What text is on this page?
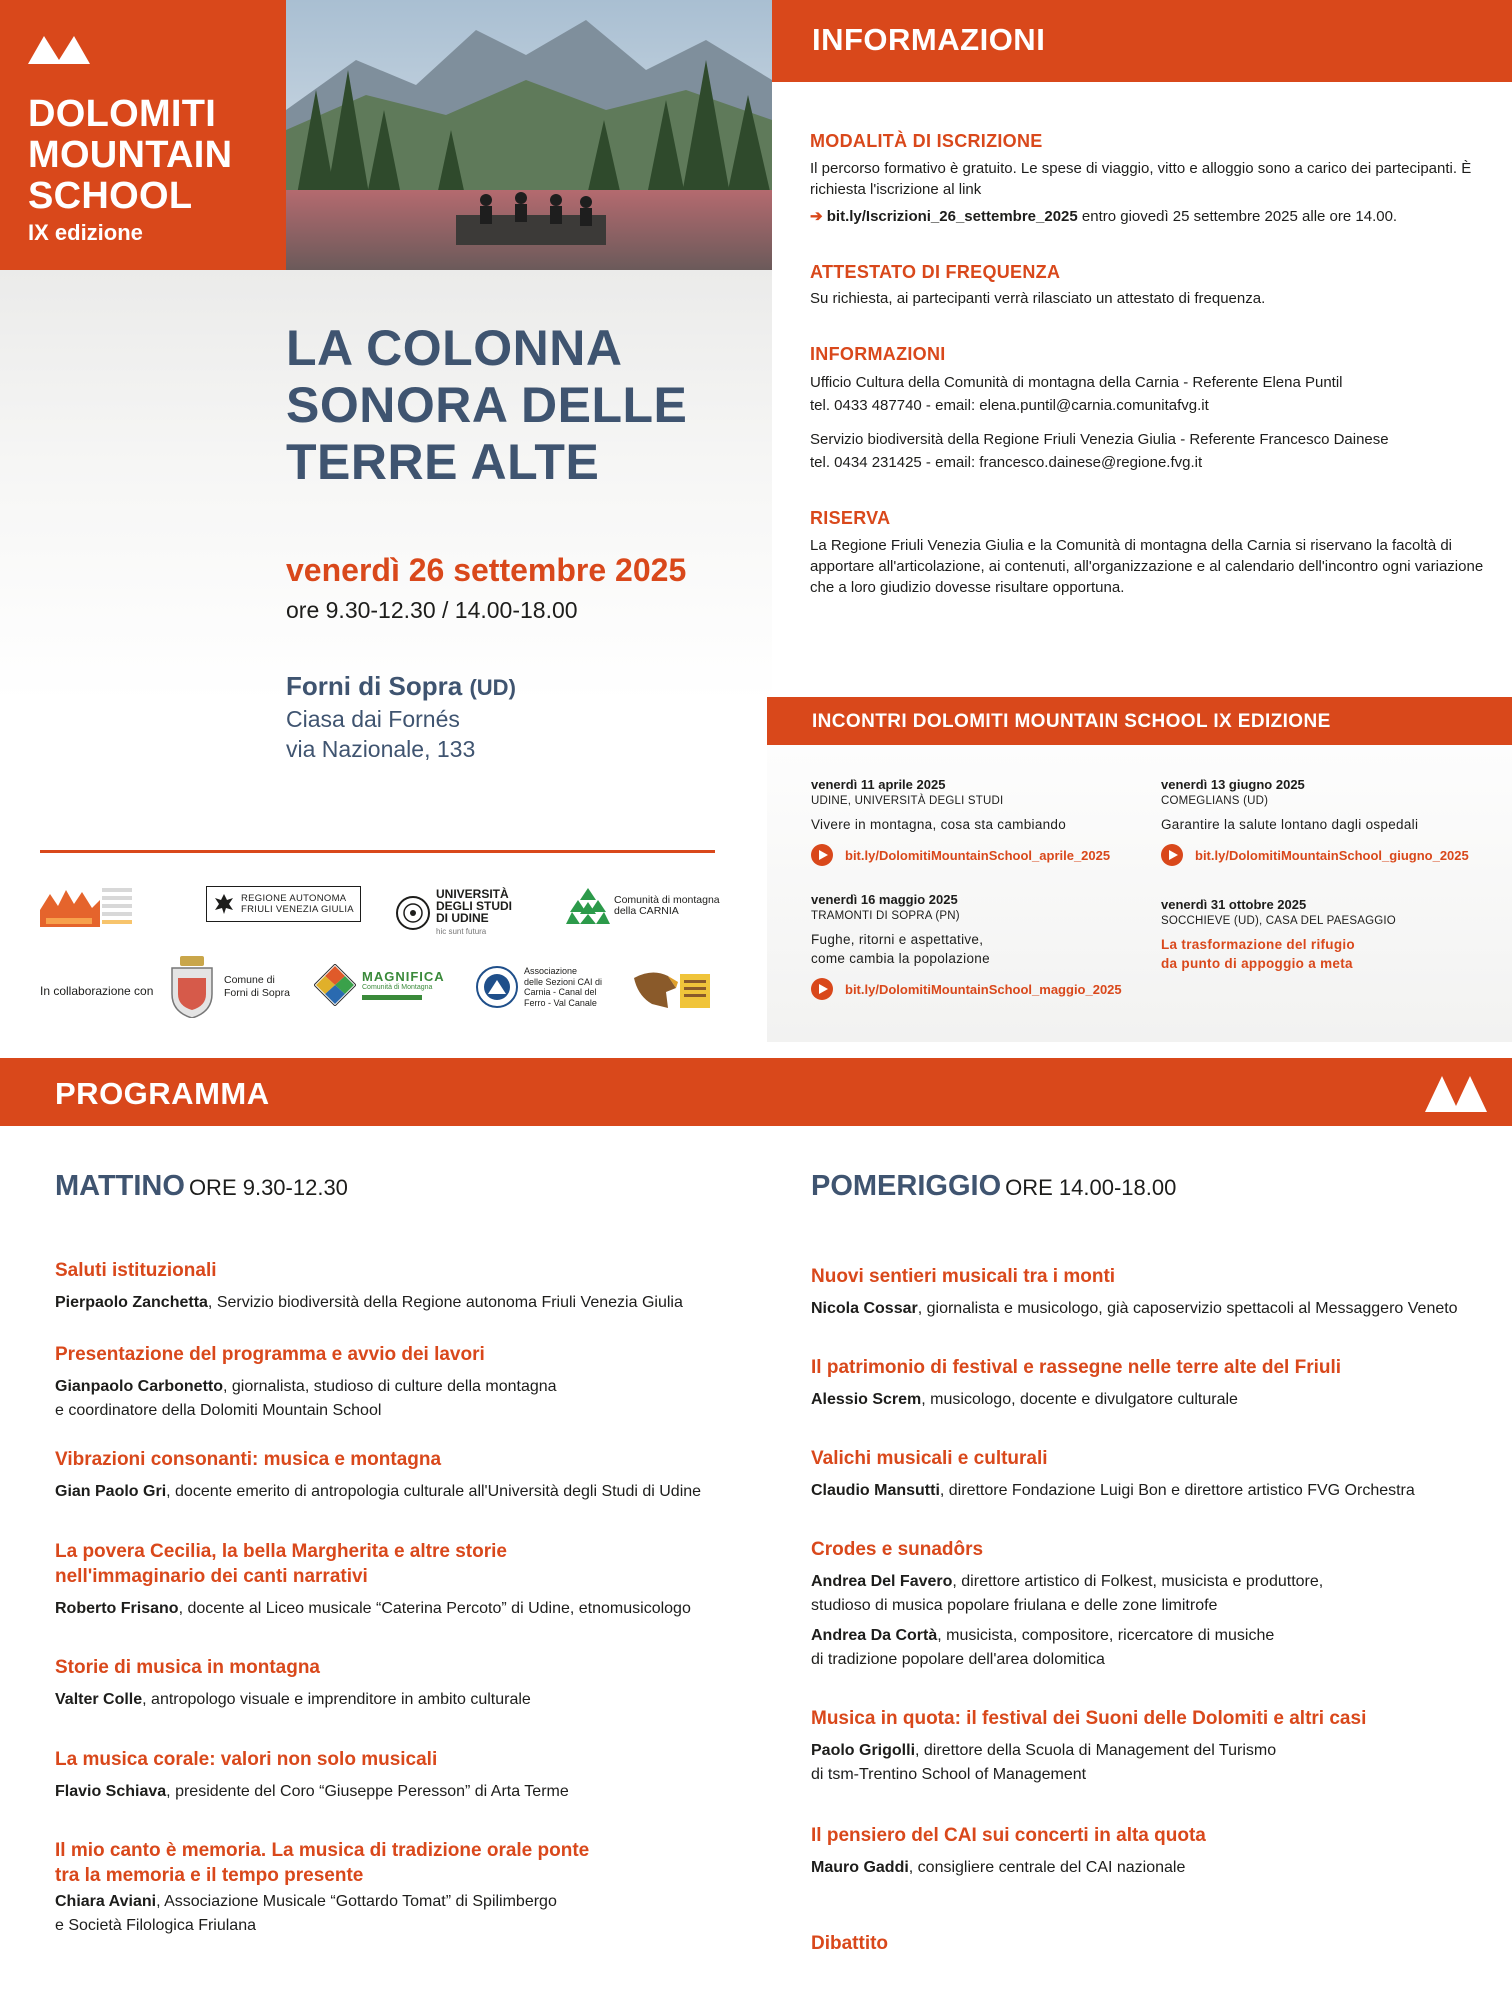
DOLOMITI
MOUNTAIN
SCHOOL
IX edizione
LA COLONNA
SONORA DELLE
TERRE ALTE
venerdì 26 settembre 2025
ore 9.30-12.30 / 14.00-18.00
Forni di Sopra (UD)
Ciasa dai Fornés
via Nazionale, 133
REGIONE AUTONOMA
FRIULI VENEZIA GIULIA
UNIVERSITÀ
DEGLI STUDI
DI UDINE
hic sunt futura
Comunità di montagna
della CARNIA
In collaborazione con
Comune di
Forni di Sopra
MAGNIFICA
Comunità di Montagna
Associazione
delle Sezioni CAI di
Carnia - Canal del
Ferro - Val Canale
INFORMAZIONI
MODALITÀ DI ISCRIZIONE
Il percorso formativo è gratuito. Le spese di viaggio, vitto e alloggio sono a carico dei partecipanti. È richiesta l'iscrizione al link
➔ bit.ly/Iscrizioni_26_settembre_2025 entro giovedì 25 settembre 2025 alle ore 14.00.
ATTESTATO DI FREQUENZA
Su richiesta, ai partecipanti verrà rilasciato un attestato di frequenza.
INFORMAZIONI
Ufficio Cultura della Comunità di montagna della Carnia - Referente Elena Puntil
tel. 0433 487740 - email: elena.puntil@carnia.comunitafvg.it
Servizio biodiversità della Regione Friuli Venezia Giulia - Referente Francesco Dainese
tel. 0434 231425 - email: francesco.dainese@regione.fvg.it
RISERVA
La Regione Friuli Venezia Giulia e la Comunità di montagna della Carnia si riservano la facoltà di apportare all'articolazione, ai contenuti, all'organizzazione e al calendario dell'incontro ogni variazione che a loro giudizio dovesse risultare opportuna.
INCONTRI DOLOMITI MOUNTAIN SCHOOL IX EDIZIONE
venerdì 11 aprile 2025
UDINE, UNIVERSITÀ DEGLI STUDI
Vivere in montagna, cosa sta cambiando
bit.ly/DolomitiMountainSchool_aprile_2025
venerdì 13 giugno 2025
COMEGLIANS (UD)
Garantire la salute lontano dagli ospedali
bit.ly/DolomitiMountainSchool_giugno_2025
venerdì 16 maggio 2025
TRAMONTI DI SOPRA (PN)
Fughe, ritorni e aspettative,
come cambia la popolazione
bit.ly/DolomitiMountainSchool_maggio_2025
venerdì 31 ottobre 2025
SOCCHIEVE (UD), CASA DEL PAESAGGIO
La trasformazione del rifugio
da punto di appoggio a meta
PROGRAMMA
MATTINO ORE 9.30-12.30
Saluti istituzionali
Pierpaolo Zanchetta, Servizio biodiversità della Regione autonoma Friuli Venezia Giulia
Presentazione del programma e avvio dei lavori
Gianpaolo Carbonetto, giornalista, studioso di culture della montagna
e coordinatore della Dolomiti Mountain School
Vibrazioni consonanti: musica e montagna
Gian Paolo Gri, docente emerito di antropologia culturale all'Università degli Studi di Udine
La povera Cecilia, la bella Margherita e altre storie
nell'immaginario dei canti narrativi
Roberto Frisano, docente al Liceo musicale “Caterina Percoto” di Udine, etnomusicologo
Storie di musica in montagna
Valter Colle, antropologo visuale e imprenditore in ambito culturale
La musica corale: valori non solo musicali
Flavio Schiava, presidente del Coro “Giuseppe Peresson” di Arta Terme
Il mio canto è memoria. La musica di tradizione orale ponte
tra la memoria e il tempo presente
Chiara Aviani, Associazione Musicale “Gottardo Tomat” di Spilimbergo
e Società Filologica Friulana
POMERIGGIO ORE 14.00-18.00
Nuovi sentieri musicali tra i monti
Nicola Cossar, giornalista e musicologo, già caposervizio spettacoli al Messaggero Veneto
Il patrimonio di festival e rassegne nelle terre alte del Friuli
Alessio Screm, musicologo, docente e divulgatore culturale
Valichi musicali e culturali
Claudio Mansutti, direttore Fondazione Luigi Bon e direttore artistico FVG Orchestra
Crodes e sunadôrs
Andrea Del Favero, direttore artistico di Folkest, musicista e produttore,
studioso di musica popolare friulana e delle zone limitrofe
Andrea Da Cortà, musicista, compositore, ricercatore di musiche
di tradizione popolare dell'area dolomitica
Musica in quota: il festival dei Suoni delle Dolomiti e altri casi
Paolo Grigolli, direttore della Scuola di Management del Turismo
di tsm-Trentino School of Management
Il pensiero del CAI sui concerti in alta quota
Mauro Gaddi, consigliere centrale del CAI nazionale
Dibattito
